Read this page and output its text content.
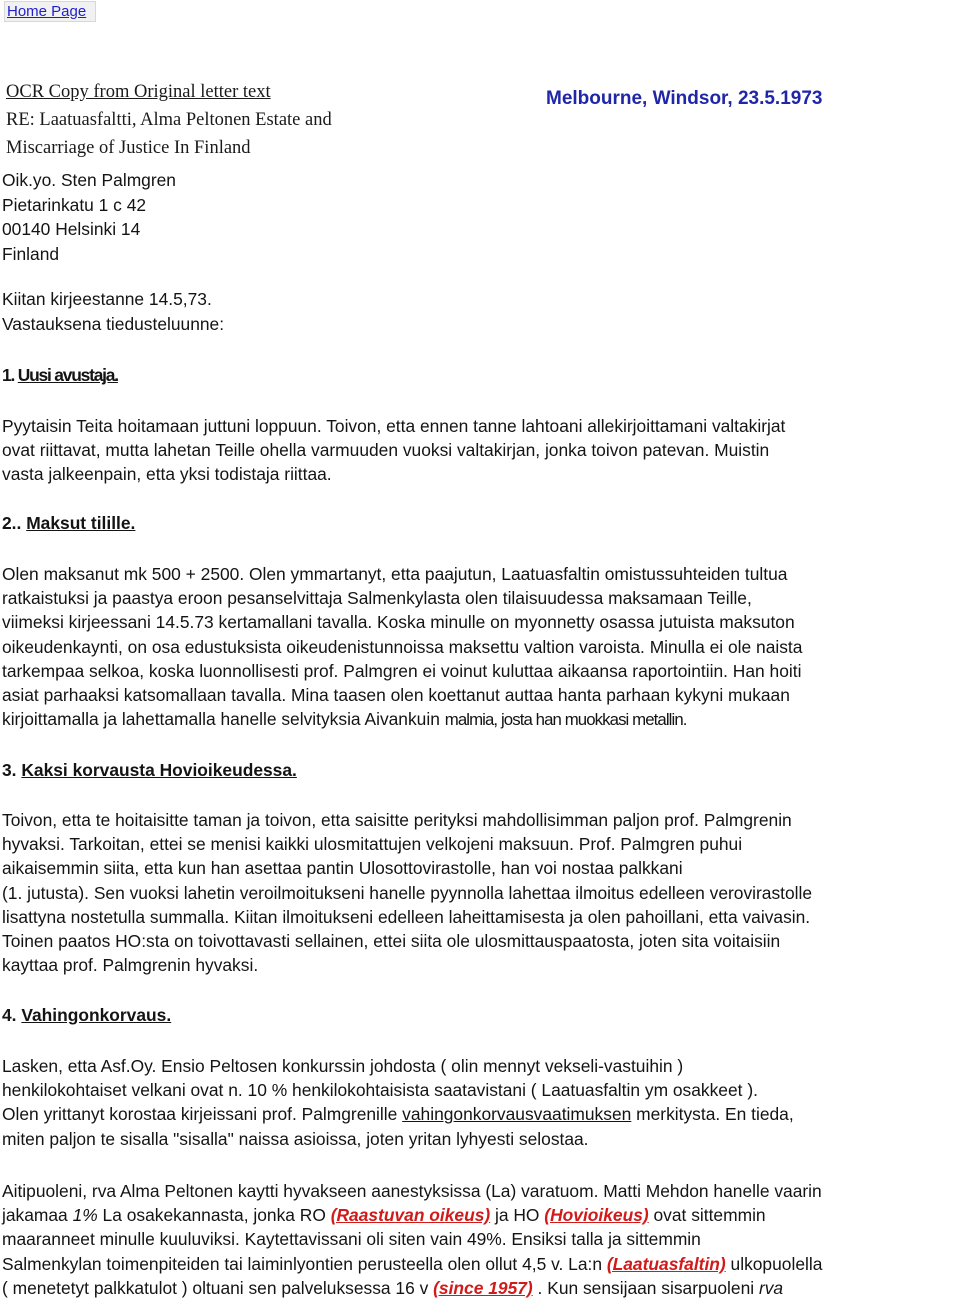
Home Page
OCR Copy from Original letter text
RE: Laatuasfaltti, Alma Peltonen Estate and
Miscarriage of Justice In Finland
Melbourne, Windsor, 23.5.1973
Oik.yo. Sten Palmgren
Pietarinkatu 1 c 42
00140 Helsinki 14
Finland
Kiitan kirjeestanne 14.5,73.
Vastauksena tiedusteluunne:
1. Uusi avustaja.
Pyytaisin Teita hoitamaan juttuni loppuun. Toivon, etta ennen tanne lahtoani allekirjoittamani valtakirjat
ovat riittavat, mutta lahetan Teille ohella varmuuden vuoksi valtakirjan, jonka toivon patevan. Muistin
vasta jalkeenpain, etta yksi todistaja riittaa.
2.. Maksut tilille.
Olen maksanut mk 500 + 2500. Olen ymmartanyt, etta paajutun, Laatuasfaltin omistussuhteiden tultua
ratkaistuksi ja paastya eroon pesanselvittaja Salmenkylasta olen tilaisuudessa maksamaan Teille,
viimeksi kirjeessani 14.5.73 kertamallani tavalla. Koska minulle on myonnetty osassa jutuista maksuton
oikeudenkaynti, on osa edustuksista oikeudenistunnoissa maksettu valtion varoista. Minulla ei ole naista
tarkempaa selkoa, koska luonnollisesti prof. Palmgren ei voinut kuluttaa aikaansa raportointiin. Han hoiti
asiat parhaaksi katsomallaan tavalla. Mina taasen olen koettanut auttaa hanta parhaan kykyni mukaan
kirjoittamalla ja lahettamalla hanelle selvityksia Aivankuin malmia, josta han muokkasi metallin.
3. Kaksi korvausta Hovioikeudessa.
Toivon, etta te hoitaisitte taman ja toivon, etta saisitte perityksi mahdollisimman paljon prof. Palmgrenin
hyvaksi. Tarkoitan, ettei se menisi kaikki ulosmitattujen velkojeni maksuun. Prof. Palmgren puhui
aikaisemmin siita, etta kun han asettaa pantin Ulosottovirastolle, han voi nostaa palkkani
(1. jutusta). Sen vuoksi lahetin veroilmoitukseni hanelle pyynnolla lahettaa ilmoitus edelleen verovirastolle
lisattyna nostetulla summalla. Kiitan ilmoitukseni edelleen laheittamisesta ja olen pahoillani, etta vaivasin.
Toinen paatos HO:sta on toivottavasti sellainen, ettei siita ole ulosmittauspaatosta, joten sita voitaisiin
kayttaa prof. Palmgrenin hyvaksi.
4. Vahingonkorvaus.
Lasken, etta Asf.Oy. Ensio Peltosen konkurssin johdosta ( olin mennyt vekseli-vastuihin )
henkilokohtaiset velkani ovat n. 10 % henkilokohtaisista saatavistani ( Laatuasfaltin ym osakkeet ).
Olen yrittanyt korostaa kirjeissani prof. Palmgrenille vahingonkorvausvaatimuksen merkitysta. En tieda,
miten paljon te sisalla "sisalla" naissa asioissa, joten yritan lyhyesti selostaa.
Aitipuoleni, rva Alma Peltonen kaytti hyvakseen aanestyksissa (La) varatuom. Matti Mehdon hanelle vaarin
jakamaa 1% La osakekannasta, jonka RO (Raastuvan oikeus) ja HO (Hovioikeus) ovat sittemmin
maaranneet minulle kuuluviksi. Kaytettavissani oli siten vain 49%. Ensiksi talla ja sittemmin
Salmenkylan toimenpiteiden tai laiminlyontien perusteella olen ollut 4,5 v. La:n (Laatuasfaltin) ulkopuolella
( menetetyt palkkatulot ) oltuani sen palveluksessa 16 v (since 1957) . Kun sensijaan sisarpuoleni rva
